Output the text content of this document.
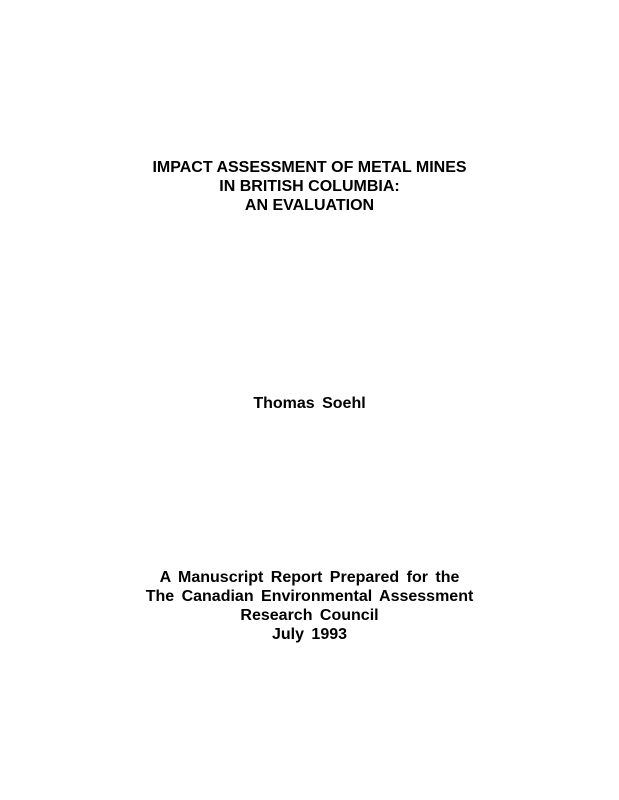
IMPACT ASSESSMENT OF METAL MINES
IN BRITISH COLUMBIA:
AN EVALUATION
Thomas Soehl
A Manuscript Report Prepared for the
The Canadian Environmental Assessment
Research Council
July 1993
